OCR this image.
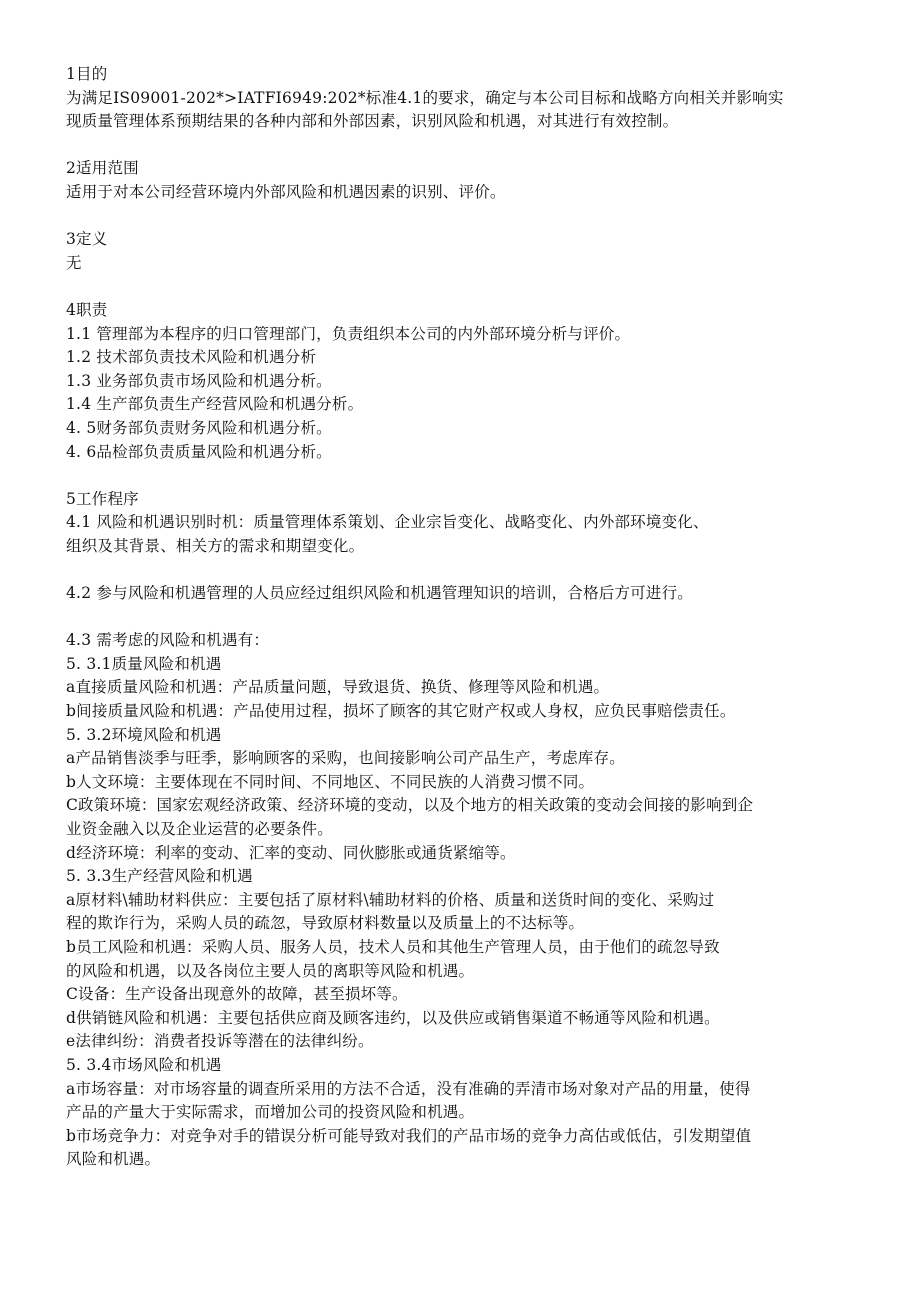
1目的

为满足IS09001-202*>IATFI6949:202*标准4.1的要求，确定与本公司目标和战略方向相关并影响实

现质量管理体系预期结果的各种内部和外部因素，识别风险和机遇，对其进行有效控制。

2适用范围

适用于对本公司经营环境内外部风险和机遇因素的识别、评价。

3定义

无

4职责

1.1 管理部为本程序的归口管理部门，负责组织本公司的内外部环境分析与评价。

1.2 技术部负责技术风险和机遇分析

1.3 业务部负责市场风险和机遇分析。

1.4 生产部负责生产经营风险和机遇分析。

4. 5财务部负责财务风险和机遇分析。

4. 6品检部负责质量风险和机遇分析。

5工作程序

4.1 风险和机遇识别时机：质量管理体系策划、企业宗旨变化、战略变化、内外部环境变化、

组织及其背景、相关方的需求和期望变化。

4.2 参与风险和机遇管理的人员应经过组织风险和机遇管理知识的培训，合格后方可进行。

4.3 需考虑的风险和机遇有：

5. 3.1质量风险和机遇

a直接质量风险和机遇：产品质量问题，导致退货、换货、修理等风险和机遇。

b间接质量风险和机遇：产品使用过程，损坏了顾客的其它财产权或人身权，应负民事赔偿责任。

5. 3.2环境风险和机遇

a产品销售淡季与旺季，影响顾客的采购，也间接影响公司产品生产，考虑库存。

b人文环境：主要体现在不同时间、不同地区、不同民族的人消费习惯不同。

C政策环境：国家宏观经济政策、经济环境的变动，以及个地方的相关政策的变动会间接的影响到企

业资金融入以及企业运营的必要条件。

d经济环境：利率的变动、汇率的变动、同伙膨胀或通货紧缩等。

5. 3.3生产经营风险和机遇

a原材料\辅助材料供应：主要包括了原材料\辅助材料的价格、质量和送货时间的变化、采购过

程的欺诈行为，采购人员的疏忽，导致原材料数量以及质量上的不达标等。

b员工风险和机遇：采购人员、服务人员，技术人员和其他生产管理人员，由于他们的疏忽导致

的风险和机遇，以及各岗位主要人员的离职等风险和机遇。

C设备：生产设备出现意外的故障，甚至损坏等。

d供销链风险和机遇：主要包括供应商及顾客违约，以及供应或销售渠道不畅通等风险和机遇。

e法律纠纷：消费者投诉等潜在的法律纠纷。

5. 3.4市场风险和机遇

a市场容量：对市场容量的调查所采用的方法不合适，没有准确的弄清市场对象对产品的用量，使得

产品的产量大于实际需求，而增加公司的投资风险和机遇。

b市场竞争力：对竞争对手的错误分析可能导致对我们的产品市场的竞争力高估或低估，引发期望值

风险和机遇。
